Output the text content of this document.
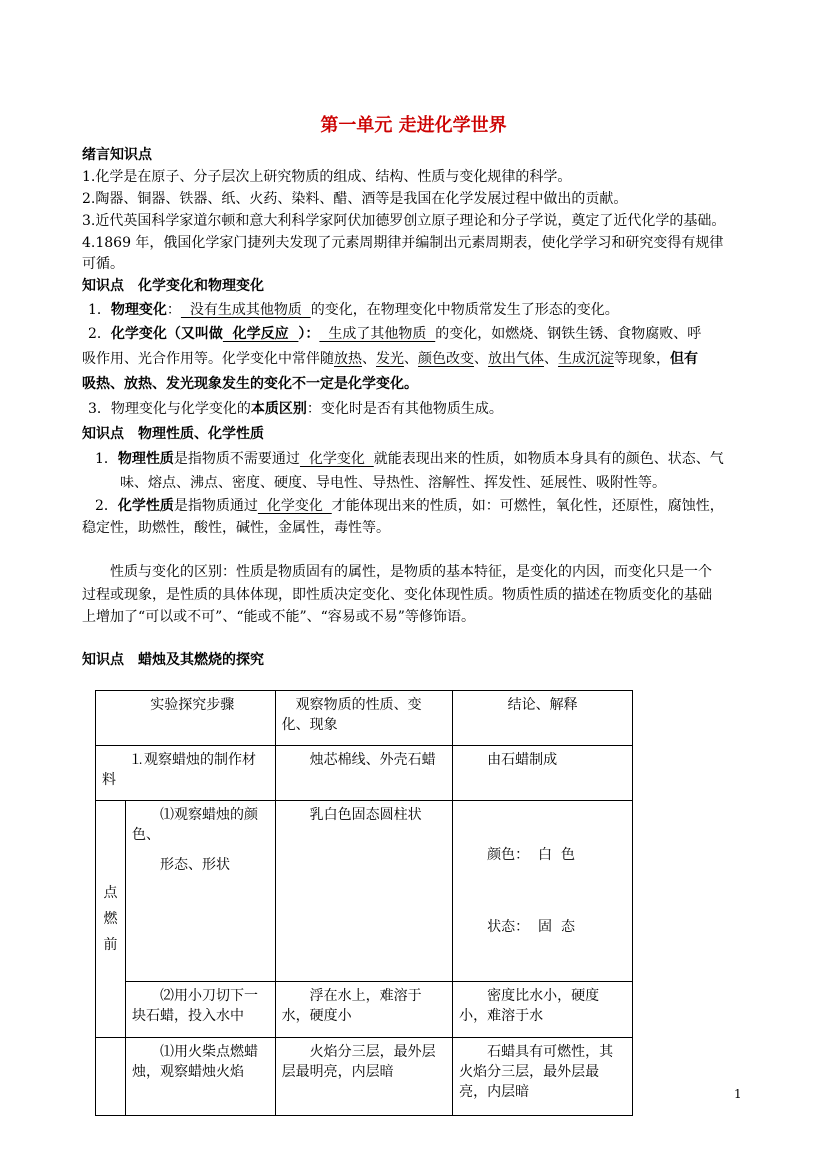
第一单元 走进化学世界
绪言知识点
1.化学是在原子、分子层次上研究物质的组成、结构、性质与变化规律的科学。
2.陶器、铜器、铁器、纸、火药、染料、醋、酒等是我国在化学发展过程中做出的贡献。
3.近代英国科学家道尔顿和意大利科学家阿伏加德罗创立原子理论和分子学说，奠定了近代化学的基础。
4.1869 年，俄国化学家门捷列夫发现了元素周期律并编制出元素周期表，使化学学习和研究变得有规律
可循。
知识点　化学变化和物理变化
1．物理变化：  没有生成其他物质  的变化，在物理变化中物质常发生了形态的变化。
2．化学变化（又叫做  化学反应  ）：  生成了其他物质  的变化，如燃烧、钢铁生锈、食物腐败、呼
吸作用、光合作用等。化学变化中常伴随放热、发光、颜色改变、放出气体、生成沉淀等现象，但有
吸热、放热、发光现象发生的变化不一定是化学变化。
3．物理变化与化学变化的本质区别：变化时是否有其他物质生成。
知识点　物理性质、化学性质
1．物理性质是指物质不需要通过  化学变化  就能表现出来的性质，如物质本身具有的颜色、状态、气
味、熔点、沸点、密度、硬度、导电性、导热性、溶解性、挥发性、延展性、吸附性等。
2．化学性质是指物质通过  化学变化  才能体现出来的性质，如：可燃性，氧化性，还原性，腐蚀性，
稳定性，助燃性，酸性，碱性，金属性，毒性等。
性质与变化的区别：性质是物质固有的属性，是物质的基本特征，是变化的内因，而变化只是一个
过程或现象，是性质的具体体现，即性质决定变化、变化体现性质。物质性质的描述在物质变化的基础
上增加了“可以或不可”、“能或不能”、“容易或不易”等修饰语。
知识点　蜡烛及其燃烧的探究
实验探究步骤		观察物质的性质、变化、现象	结论、解释
⒈观察蜡烛的制作材料		烛芯棉线、外壳石蜡	由石蜡制成
点燃前	⑴观察蜡烛的颜色、
形态、形状	乳白色固态圆柱状	颜色：  白  色

状态：  固  态

	⑵用小刀切下一块石蜡，投入水中	浮在水上，难溶于水，硬度小	密度比水小，硬度小，难溶于水
	⑴用火柴点燃蜡烛，观察蜡烛火焰	火焰分三层，最外层层最明亮，内层暗	石蜡具有可燃性，其火焰分三层，最外层最亮，内层暗	1
